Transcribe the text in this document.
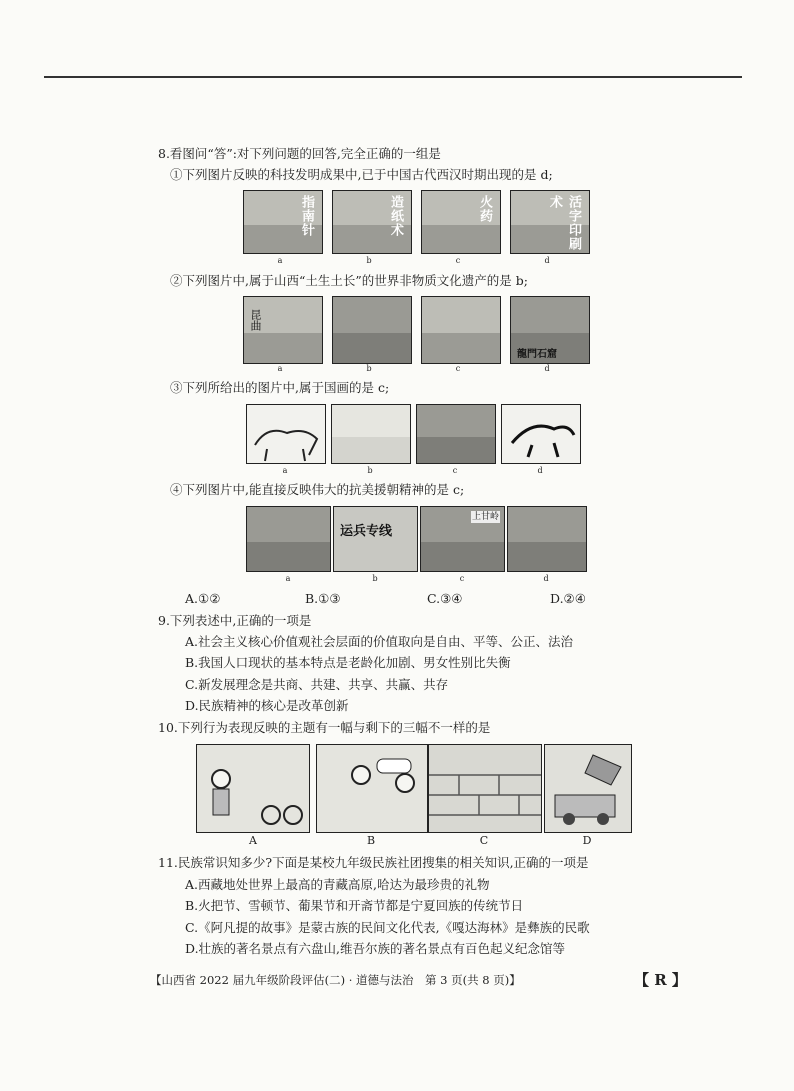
8.看图问“答”:对下列问题的回答,完全正确的一组是
①下列图片反映的科技发明成果中,已于中国古代西汉时期出现的是 d;
指南针	造纸术	火药	活字印刷术
a	b	c	d
②下列图片中,属于山西“土生土长”的世界非物质文化遗产的是 b;
昆曲
龍門石窟
a	b	c	d
③下列所给出的图片中,属于国画的是 c;
a	b	c	d
④下列图片中,能直接反映伟大的抗美援朝精神的是 c;
运兵专线
上甘岭
a	b	c	d
A.①②	B.①③	C.③④	D.②④
9.下列表述中,正确的一项是
A.社会主义核心价值观社会层面的价值取向是自由、平等、公正、法治
B.我国人口现状的基本特点是老龄化加剧、男女性别比失衡
C.新发展理念是共商、共建、共享、共赢、共存
D.民族精神的核心是改革创新
10.下列行为表现反映的主题有一幅与剩下的三幅不一样的是
A	B	C	D
11.民族常识知多少?下面是某校九年级民族社团搜集的相关知识,正确的一项是
A.西藏地处世界上最高的青藏高原,哈达为最珍贵的礼物
B.火把节、雪顿节、葡果节和开斋节都是宁夏回族的传统节日
C.《阿凡提的故事》是蒙古族的民间文化代表,《嘎达海林》是彝族的民歌
D.壮族的著名景点有六盘山,维吾尔族的著名景点有百色起义纪念馆等
【山西省 2022 届九年级阶段评估(二) · 道德与法治　第 3 页(共 8 页)】	【 R 】
